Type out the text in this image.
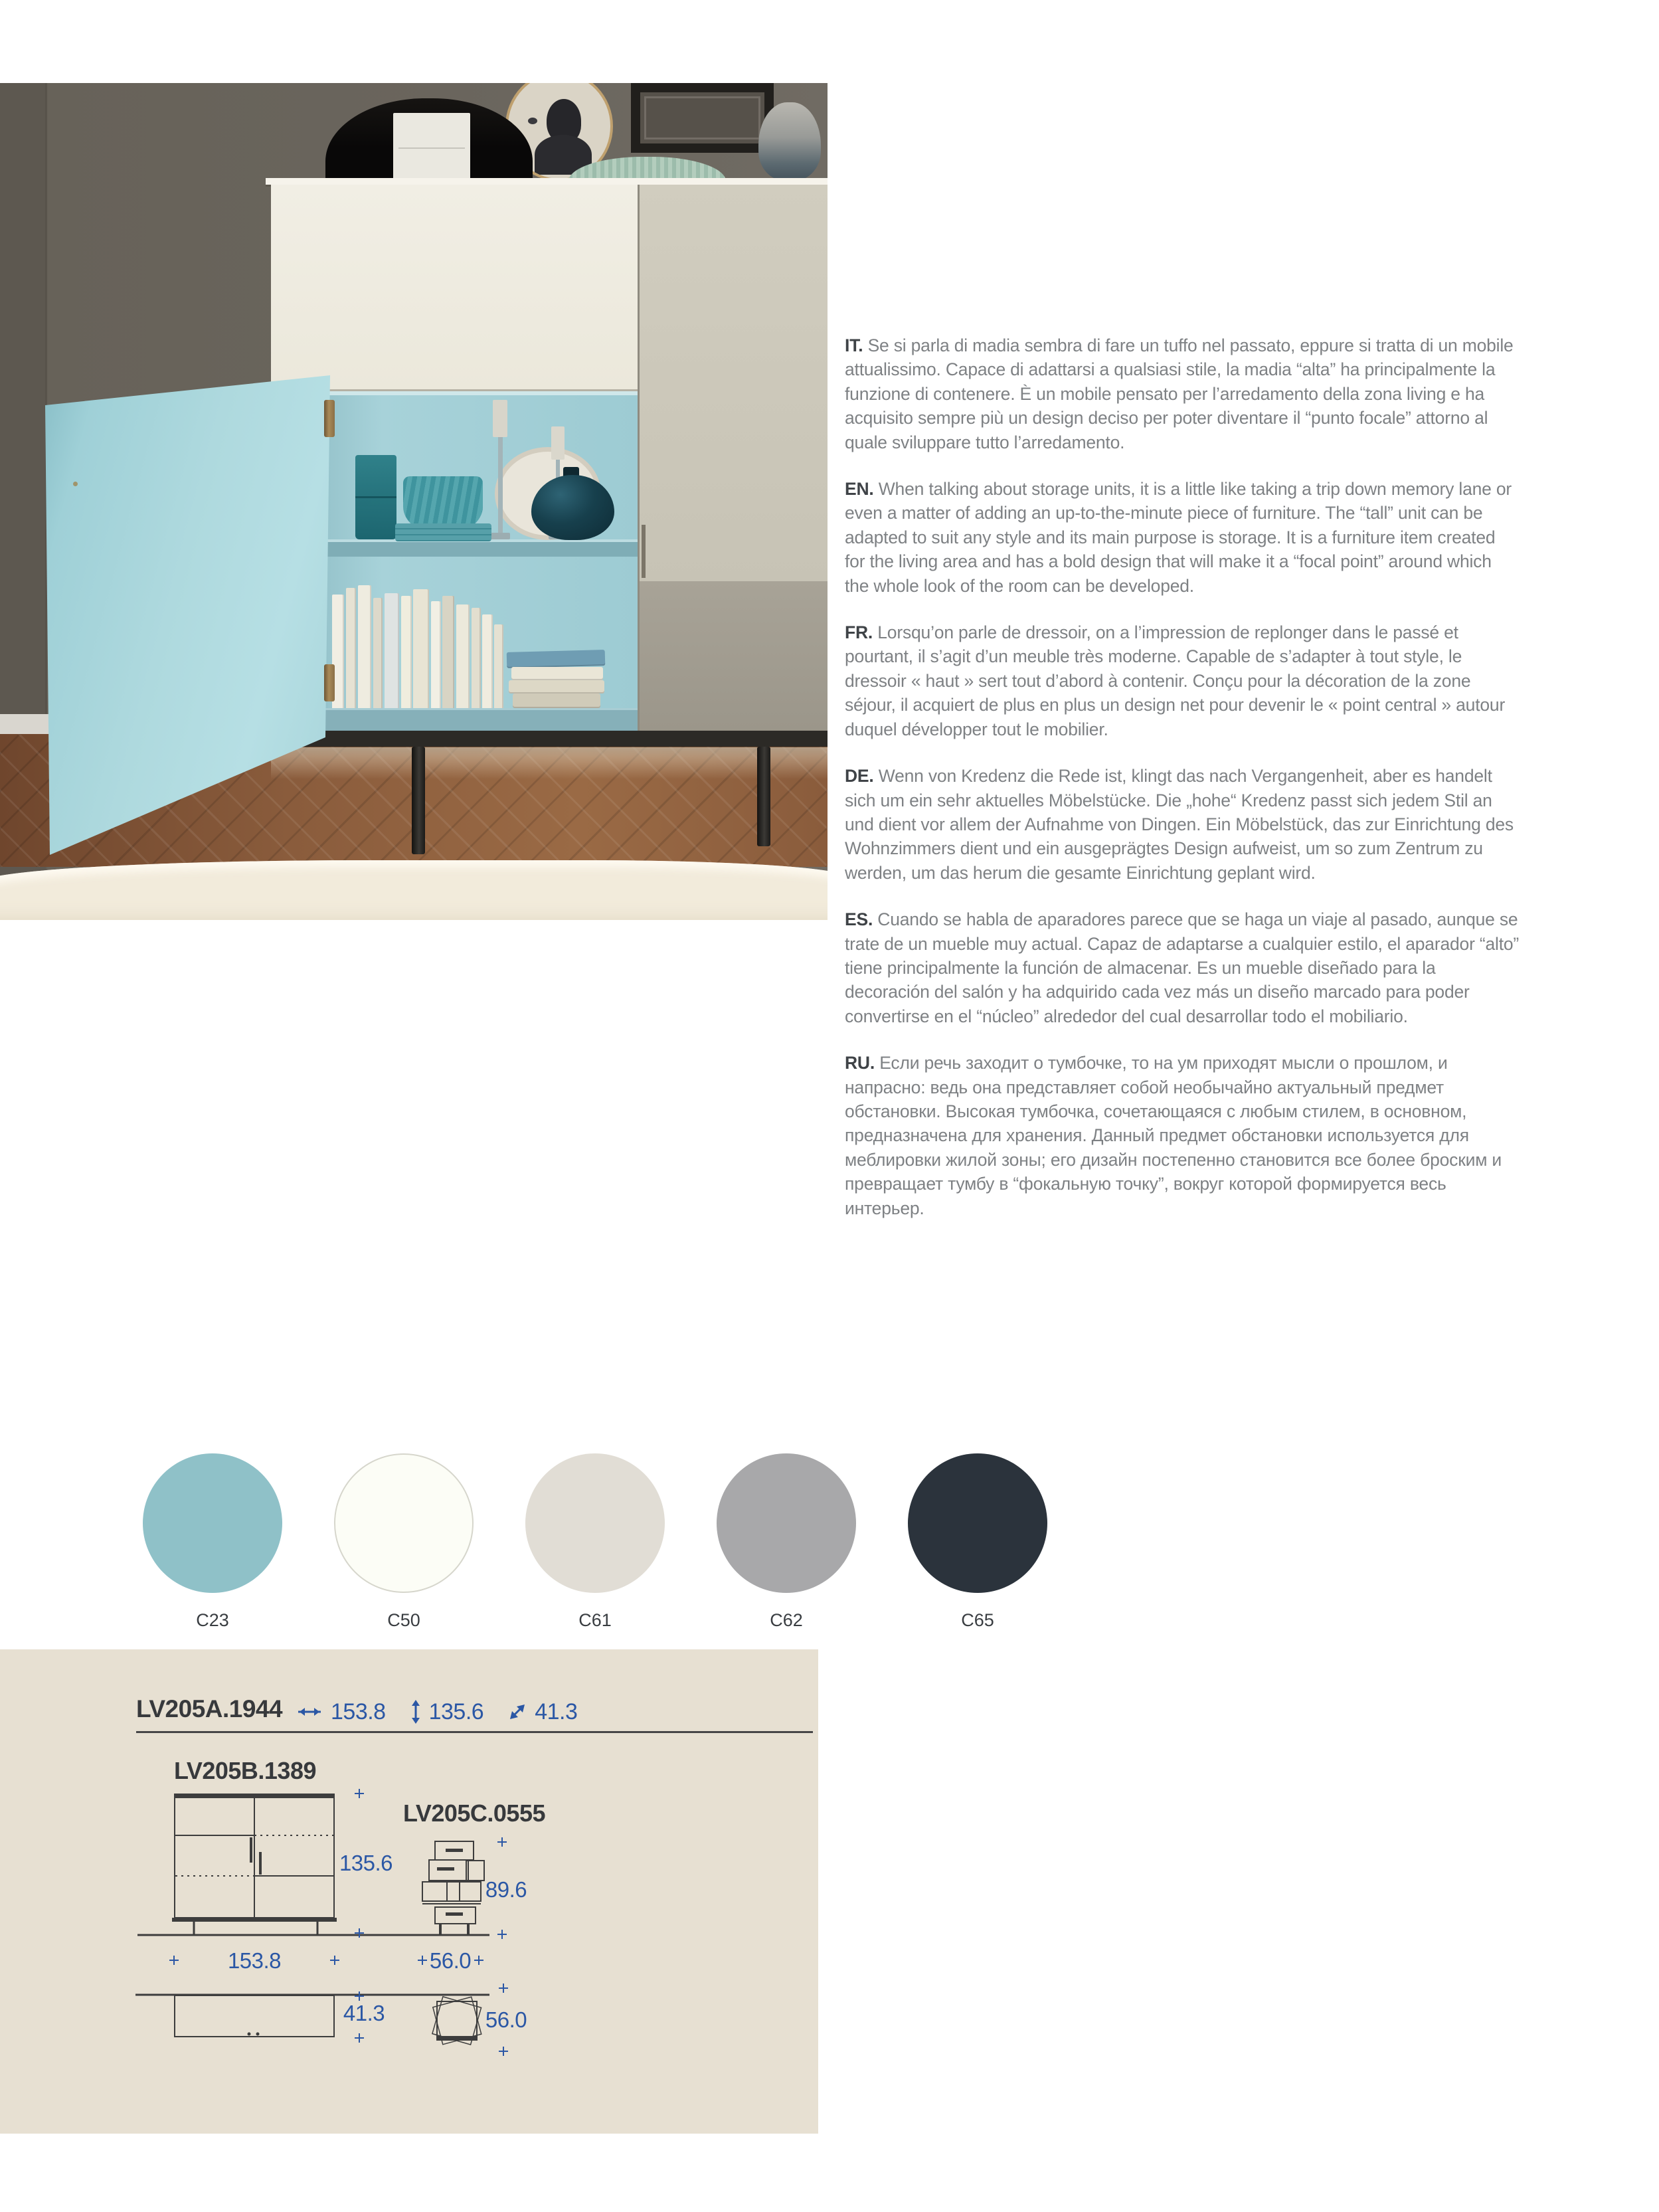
IT. Se si parla di madia sembra di fare un tuffo nel passato, eppure si tratta di un mobile attualissimo. Capace di adattarsi a qualsiasi stile, la madia “alta” ha principalmente la funzione di contenere. È un mobile pensato per l’arredamento della zona living e ha acquisito sempre più un design deciso per poter diventare il “punto focale” attorno al quale sviluppare tutto l’arredamento.

EN. When talking about storage units, it is a little like taking a trip down memory lane or even a matter of adding an up-to-the-minute piece of furniture. The “tall” unit can be adapted to suit any style and its main purpose is storage. It is a furniture item created for the living area and has a bold design that will make it a “focal point” around which the whole look of the room can be developed.

FR. Lorsqu’on parle de dressoir, on a l’impression de replonger dans le passé et pourtant, il s’agit d’un meuble très moderne. Capable de s’adapter à tout style, le dressoir « haut » sert tout d’abord à contenir. Conçu pour la décoration de la zone séjour, il acquiert de plus en plus un design net pour devenir le « point central » autour duquel développer tout le mobilier.

DE. Wenn von Kredenz die Rede ist, klingt das nach Vergangenheit, aber es handelt sich um ein sehr aktuelles Möbelstücke. Die „hohe“ Kredenz passt sich jedem Stil an und dient vor allem der Aufnahme von Dingen. Ein Möbelstück, das zur Einrichtung des Wohnzimmers dient und ein ausgeprägtes Design aufweist, um so zum Zentrum zu werden, um das herum die gesamte Einrichtung geplant wird.

ES. Cuando se habla de aparadores parece que se haga un viaje al pasado, aunque se trate de un mueble muy actual. Capaz de adaptarse a cualquier estilo, el aparador “alto” tiene principalmente la función de almacenar. Es un mueble diseñado para la decoración del salón y ha adquirido cada vez más un diseño marcado para poder convertirse en el “núcleo” alrededor del cual desarrollar todo el mobiliario.

RU. Если речь заходит о тумбочке, то на ум приходят мысли о прошлом, и напрасно: ведь она представляет собой необычайно актуальный предмет обстановки. Высокая тумбочка, сочетающаяся с любым стилем, в основном, предназначена для хранения. Данный предмет обстановки используется для меблировки жилой зоны; его дизайн постепенно становится все более броским и превращает тумбу в “фокальную точку”, вокруг которой формируется весь интерьер.

C23	C50	C61	C62	C65
LV205A.1944 153.8 135.6 41.3
LV205B.1389
LV205C.0555
135.6
89.6
153.8	56.0
41.3	56.0
